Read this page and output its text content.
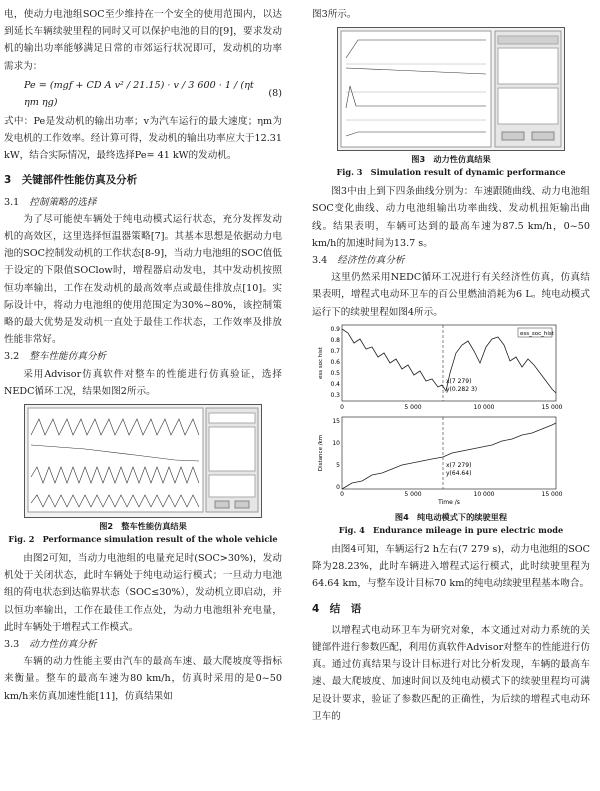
电，使动力电池组SOC至少维持在一个安全的使用范围内，以达到延长车辆续驶里程的同时又可以保护电池的目的[9]，要求发动机的输出功率能够满足日常的市郊运行状况即可，发动机的功率需求为：

Pe = (mgf + CD A v² / 21.15) · v / 3 600 · 1 / (ηt ηm ηg)
(8)

式中：Pe是发动机的输出功率；v为汽车运行的最大速度；ηm为发电机的工作效率。经计算可得，发动机的输出功率应大于12.31 kW，结合实际情况，最终选择Pe= 41 kW的发动机。

3　关键部件性能仿真及分析
3.1 控制策略的选择

为了尽可能使车辆处于纯电动模式运行状态，充分发挥发动机的高效区，这里选择恒温器策略[7]。其基本思想是依据动力电池的SOC控制发动机的工作状态[8-9]，当动力电池组的SOC值低于设定的下限值SOClow时，增程器启动发电，其中发动机按照恒功率输出，工作在发动机的最高效率点或最佳排放点[10]。实际设计中，将动力电池组的使用范围定为30%~80%，该控制策略的最大优势是发动机一直处于最佳工作状态，工作效率及排放性能非常好。

3.2 整车性能仿真分析

采用Advisor仿真软件对整车的性能进行仿真验证，选择NEDC循环工况，结果如图2所示。

图2　整车性能仿真结果
Fig. 2　Performance simulation result of the whole vehicle

由图2可知，当动力电池组的电量充足时(SOC>30%)，发动机处于关闭状态，此时车辆处于纯电动运行模式；一旦动力电池组的荷电状态到达临界状态（SOC≤30%），发动机立即启动，并以恒功率输出，工作在最佳工作点处，为动力电池组补充电量，此时车辆处于增程式工作模式。

3.3 动力性仿真分析

车辆的动力性能主要由汽车的最高车速、最大爬坡度等指标来衡量。整车的最高车速为80 km/h，仿真时采用的是0~50 km/h来仿真加速性能[11]，仿真结果如

图3所示。

图3　动力性仿真结果
Fig. 3　Simulation result of dynamic performance

图3中由上到下四条曲线分别为：车速跟随曲线、动力电池组SOC变化曲线、动力电池组输出功率曲线、发动机扭矩输出曲线。结果表明，车辆可达到的最高车速为87.5 km/h，0~50 km/h的加速时间为13.7 s。

3.4 经济性仿真分析

这里仍然采用NEDC循环工况进行有关经济性仿真，仿真结果表明，增程式电动环卫车的百公里燃油消耗为6 L。纯电动模式运行下的续驶里程如图4所示。

ess_soc_hist
x(7 279)
y(0.282 3)
ess soc hist
0.9
0.8
0.7
0.6
0.5
0.4
0.3
0	5 000	10 000	15 000
x(7 279)
y(64.64)
Distance /km
15
10
5
0
0	5 000	10 000	15 000
Time /s
图4　纯电动模式下的续驶里程
Fig. 4　Endurance mileage in pure electric mode

由图4可知，车辆运行2 h左右(7 279 s)，动力电池组的SOC降为28.23%，此时车辆进入增程式运行模式，此时续驶里程为64.64 km，与整车设计目标70 km的纯电动续驶里程基本吻合。

4　结　语

以增程式电动环卫车为研究对象，本文通过对动力系统的关键部件进行参数匹配，利用仿真软件Advisor对整车的性能进行仿真。通过仿真结果与设计目标进行对比分析发现，车辆的最高车速、最大爬坡度、加速时间以及纯电动模式下的续驶里程均可满足设计要求，验证了参数匹配的正确性，为后续的增程式电动环卫车的
